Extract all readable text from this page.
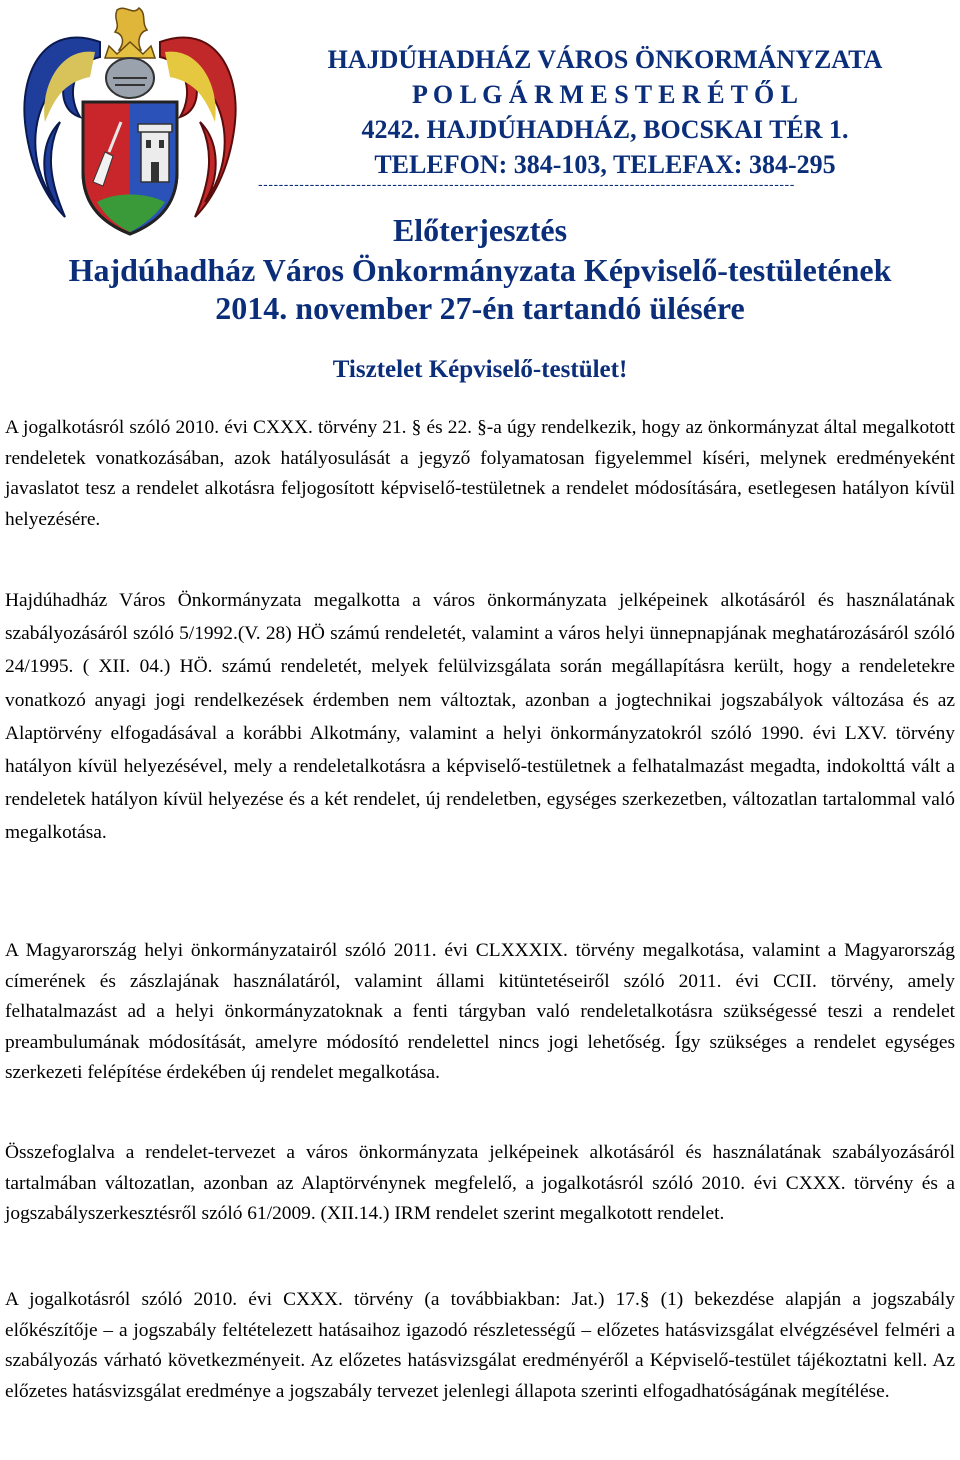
HAJDÚHADHÁZ VÁROS ÖNKORMÁNYZATA
P O L G Á R M E S T E R É T Ő L
4242. HAJDÚHADHÁZ, BOCSKAI TÉR 1.
TELEFON: 384-103, TELEFAX: 384-295
--------------------------------------------------------------------------------------------------------
Előterjesztés
Hajdúhadház Város Önkormányzata Képviselő-testületének
2014. november 27-én tartandó ülésére
Tisztelet Képviselő-testület!

A jogalkotásról szóló 2010. évi CXXX. törvény 21. § és 22. §-a úgy rendelkezik, hogy az önkormányzat által megalkotott rendeletek vonatkozásában, azok hatályosulását a jegyző folyamatosan figyelemmel kíséri, melynek eredményeként javaslatot tesz a rendelet alkotásra feljogosított képviselő-testületnek a rendelet módosítására, esetlegesen hatályon kívül helyezésére.

Hajdúhadház Város Önkormányzata megalkotta a város önkormányzata jelképeinek alkotásáról és használatának szabályozásáról szóló 5/1992.(V. 28) HÖ számú rendeletét, valamint a város helyi ünnepnapjának meghatározásáról szóló 24/1995. ( XII. 04.) HÖ. számú rendeletét, melyek felülvizsgálata során megállapításra került, hogy a rendeletekre vonatkozó anyagi jogi rendelkezések érdemben nem változtak, azonban a jogtechnikai jogszabályok változása és az Alaptörvény elfogadásával a korábbi Alkotmány, valamint a helyi önkormányzatokról szóló 1990. évi LXV. törvény hatályon kívül helyezésével, mely a rendeletalkotásra a képviselő-testületnek a felhatalmazást megadta, indokolttá vált a rendeletek hatályon kívül helyezése és a két rendelet, új rendeletben, egységes szerkezetben, változatlan tartalommal való megalkotása.

A Magyarország helyi önkormányzatairól szóló 2011. évi CLXXXIX. törvény megalkotása, valamint a Magyarország címerének és zászlajának használatáról, valamint állami kitüntetéseiről szóló 2011. évi CCII. törvény, amely felhatalmazást ad a helyi önkormányzatoknak a fenti tárgyban való rendeletalkotásra szükségessé teszi a rendelet preambulumának módosítását, amelyre módosító rendelettel nincs jogi lehetőség. Így szükséges a rendelet egységes szerkezeti felépítése érdekében új rendelet megalkotása.

Összefoglalva a rendelet-tervezet a város önkormányzata jelképeinek alkotásáról és használatának szabályozásáról tartalmában változatlan, azonban az Alaptörvénynek megfelelő, a jogalkotásról szóló 2010. évi CXXX. törvény és a jogszabályszerkesztésről szóló 61/2009. (XII.14.) IRM rendelet szerint megalkotott rendelet.

A jogalkotásról szóló 2010. évi CXXX. törvény (a továbbiakban: Jat.) 17.§ (1) bekezdése alapján a jogszabály előkészítője – a jogszabály feltételezett hatásaihoz igazodó részletességű – előzetes hatásvizsgálat elvégzésével felméri a szabályozás várható következményeit. Az előzetes hatásvizsgálat eredményéről a Képviselő-testület tájékoztatni kell. Az előzetes hatásvizsgálat eredménye a jogszabály tervezet jelenlegi állapota szerinti elfogadhatóságának megítélése.
